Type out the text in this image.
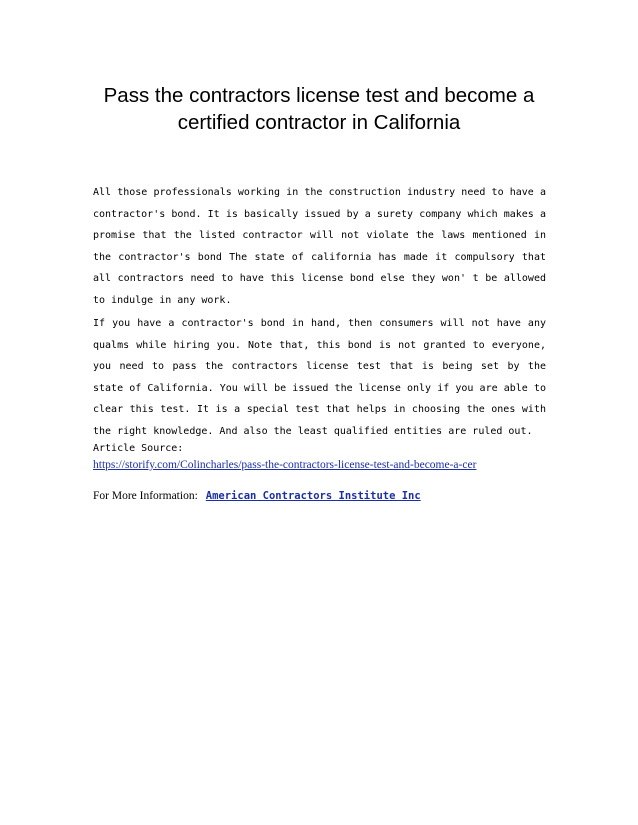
Pass the contractors license test and become a certified contractor in California
All those professionals working in the construction industry need to have a contractor's bond. It is basically issued by a surety company which makes a promise that the listed contractor will not violate the laws mentioned in the contractor's bond The state of california has made it compulsory that all contractors need to have this license bond else they won' t be allowed to indulge in any work.
If you have a contractor's bond in hand, then consumers will not have any qualms while hiring you. Note that, this bond is not granted to everyone, you need to pass the contractors license test that is being set by the state of California. You will be issued the license only if you are able to clear this test. It is a special test that helps in choosing the ones with the right knowledge. And also the least qualified entities are ruled out.
Article Source:
https://storify.com/Colincharles/pass-the-contractors-license-test-and-become-a-cer
For More Information: American Contractors Institute Inc
